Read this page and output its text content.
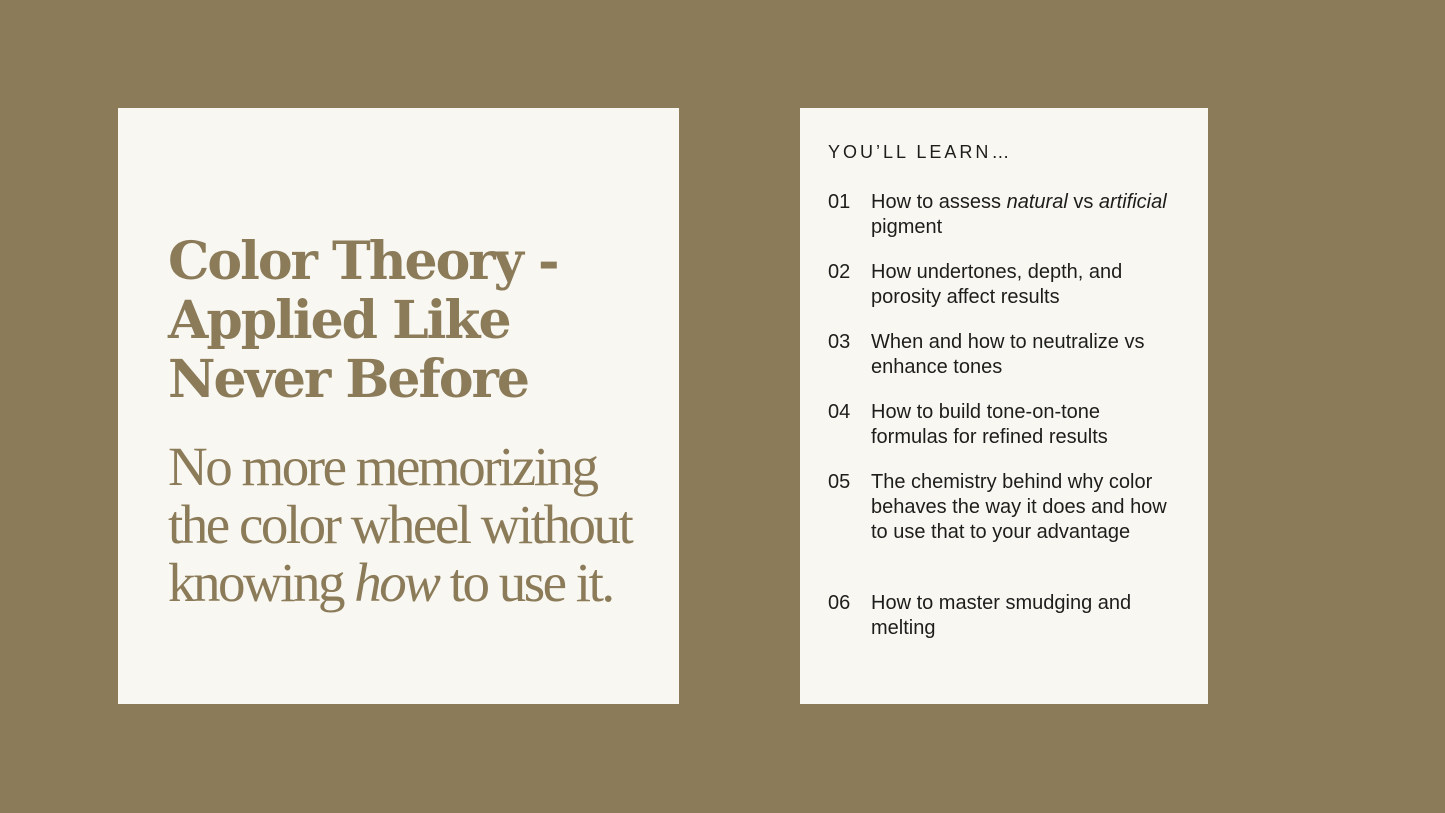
Color Theory - Applied Like Never Before

No more memorizing the color wheel without knowing how to use it.

YOU’LL LEARN…
01	How to assess natural vs artificial pigment
02	How undertones, depth, and porosity affect results
03	When and how to neutralize vs enhance tones
04	How to build tone-on-tone formulas for refined results
05	The chemistry behind why color behaves the way it does and how to use that to your advantage
06	How to master smudging and melting
